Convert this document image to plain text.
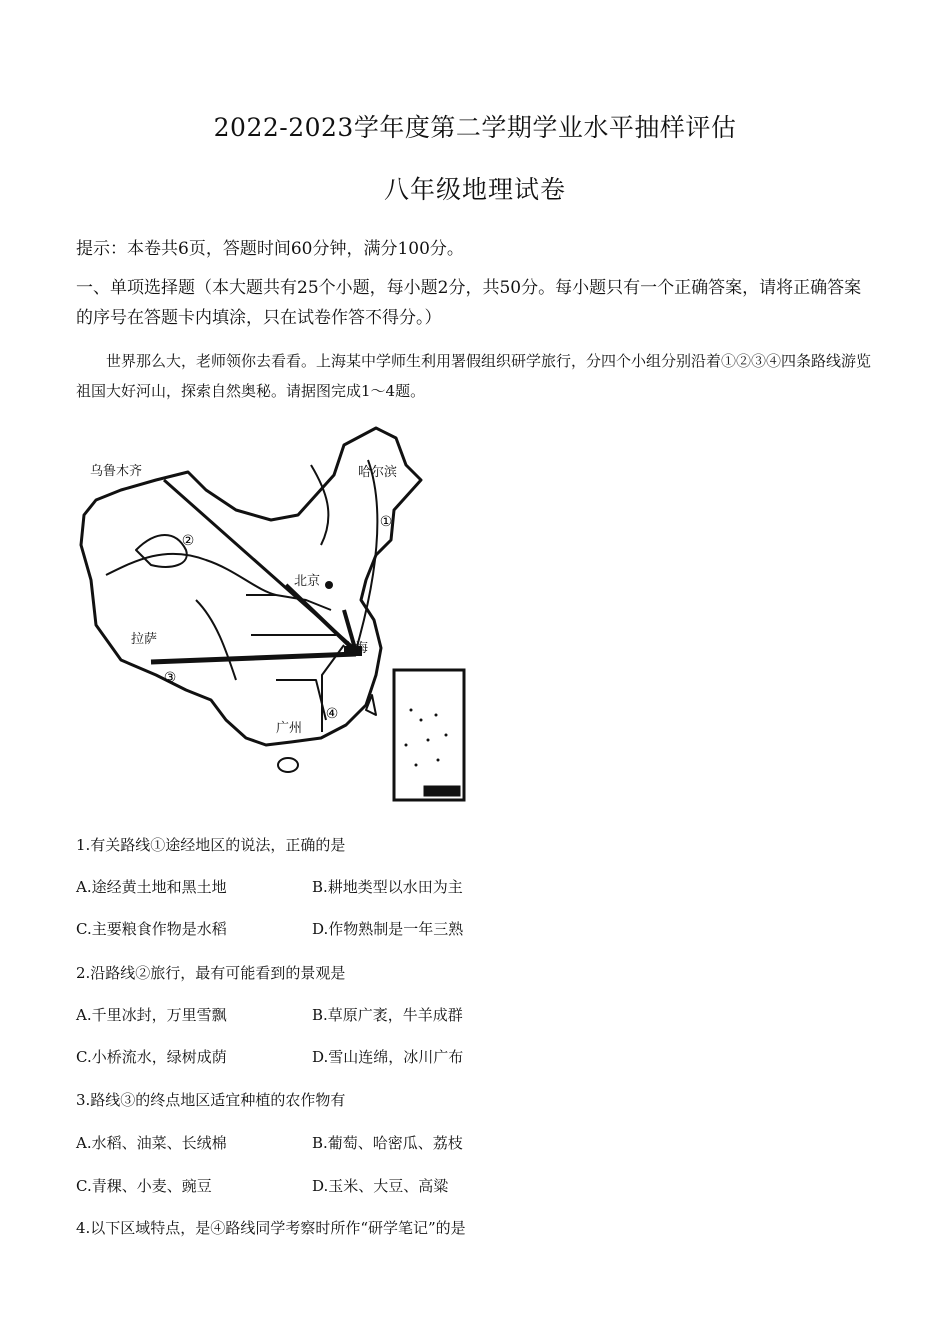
2022-2023学年度第二学期学业水平抽样评估
八年级地理试卷
提示：本卷共6页，答题时间60分钟，满分100分。
一、单项选择题（本大题共有25个小题，每小题2分，共50分。每小题只有一个正确答案，请将正确答案的序号在答题卡内填涂，只在试卷作答不得分。）
世界那么大，老师领你去看看。上海某中学师生利用署假组织研学旅行，分四个小组分别沿着①②③④四条路线游览祖国大好河山，探索自然奥秘。请据图完成1～4题。
①
②
③
④
乌鲁木齐	哈尔滨
北京
拉萨
上海
广州
1.有关路线①途经地区的说法，正确的是
A.途经黄土地和黑土地	B.耕地类型以水田为主
C.主要粮食作物是水稻	D.作物熟制是一年三熟
2.沿路线②旅行，最有可能看到的景观是
A.千里冰封，万里雪飘	B.草原广袤，牛羊成群
C.小桥流水，绿树成荫	D.雪山连绵，冰川广布
3.路线③的终点地区适宜种植的农作物有
A.水稻、油菜、长绒棉	B.葡萄、哈密瓜、荔枝
C.青稞、小麦、豌豆	D.玉米、大豆、高粱
4.以下区域特点，是④路线同学考察时所作“研学笔记”的是
